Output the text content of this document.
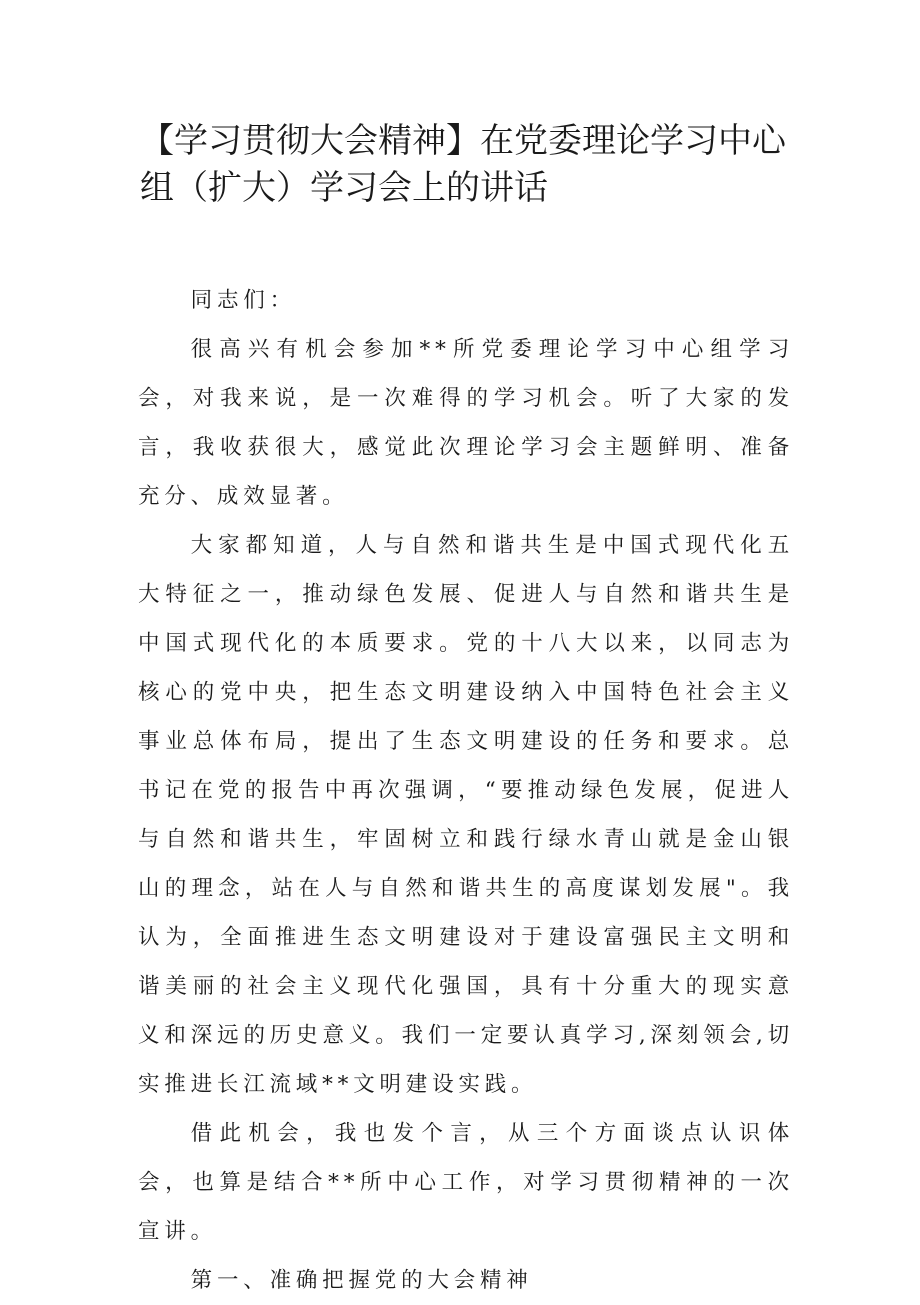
【学习贯彻大会精神】在党委理论学习中心组（扩大）学习会上的讲话

同志们：

很高兴有机会参加**所党委理论学习中心组学习会，对我来说，是一次难得的学习机会。听了大家的发言，我收获很大，感觉此次理论学习会主题鲜明、准备充分、成效显著。

大家都知道，人与自然和谐共生是中国式现代化五大特征之一，推动绿色发展、促进人与自然和谐共生是中国式现代化的本质要求。党的十八大以来，以同志为核心的党中央，把生态文明建设纳入中国特色社会主义事业总体布局，提出了生态文明建设的任务和要求。总书记在党的报告中再次强调，“要推动绿色发展，促进人与自然和谐共生，牢固树立和践行绿水青山就是金山银山的理念，站在人与自然和谐共生的高度谋划发展"。我认为，全面推进生态文明建设对于建设富强民主文明和谐美丽的社会主义现代化强国，具有十分重大的现实意义和深远的历史意义。我们一定要认真学习,深刻领会,切实推进长江流域**文明建设实践。

借此机会，我也发个言，从三个方面谈点认识体会，也算是结合**所中心工作，对学习贯彻精神的一次宣讲。

第一、准确把握党的大会精神
